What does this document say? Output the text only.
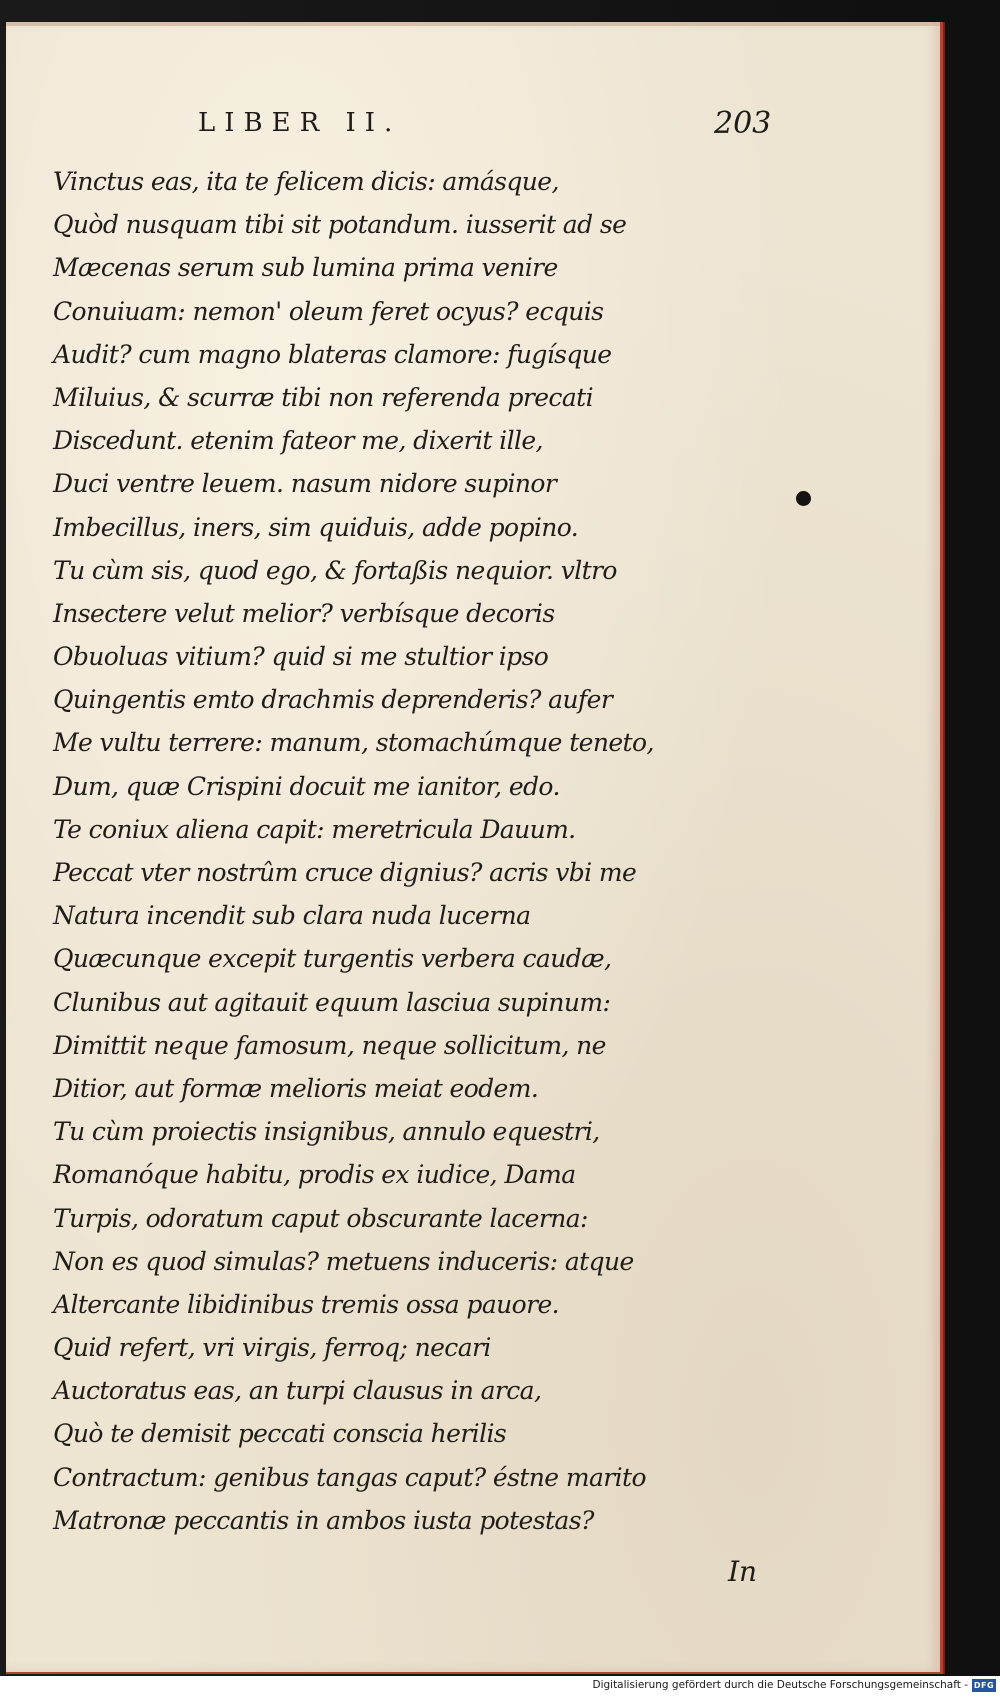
LIBER II.	203
Vinctus eas, ita te felicem dicis: amásque,
Quòd nusquam tibi sit potandum. iusserit ad se
Mæcenas serum sub lumina prima venire
Conuiuam: nemon' oleum feret ocyus? ecquis
Audit? cum magno blateras clamore: fugísque
Miluius, & scurræ tibi non referenda precati
Discedunt. etenim fateor me, dixerit ille,
Duci ventre leuem. nasum nidore supinor
Imbecillus, iners, sim quiduis, adde popino.
Tu cùm sis, quod ego, & fortaßis nequior. vltro
Insectere velut melior? verbísque decoris
Obuoluas vitium? quid si me stultior ipso
Quingentis emto drachmis deprenderis? aufer
Me vultu terrere: manum, stomachúmque teneto,
Dum, quæ Crispini docuit me ianitor, edo.
Te coniux aliena capit: meretricula Dauum.
Peccat vter nostrûm cruce dignius? acris vbi me
Natura incendit sub clara nuda lucerna
Quæcunque excepit turgentis verbera caudæ,
Clunibus aut agitauit equum lasciua supinum:
Dimittit neque famosum, neque sollicitum, ne
Ditior, aut formæ melioris meiat eodem.
Tu cùm proiectis insignibus, annulo equestri,
Romanóque habitu, prodis ex iudice, Dama
Turpis, odoratum caput obscurante lacerna:
Non es quod simulas? metuens induceris: atque
Altercante libidinibus tremis ossa pauore.
Quid refert, vri virgis, ferroq; necari
Auctoratus eas, an turpi clausus in arca,
Quò te demisit peccati conscia herilis
Contractum: genibus tangas caput? éstne marito
Matronæ peccantis in ambos iusta potestas?
In
Digitalisierung gefördert durch die Deutsche Forschungsgemeinschaft - DFG
